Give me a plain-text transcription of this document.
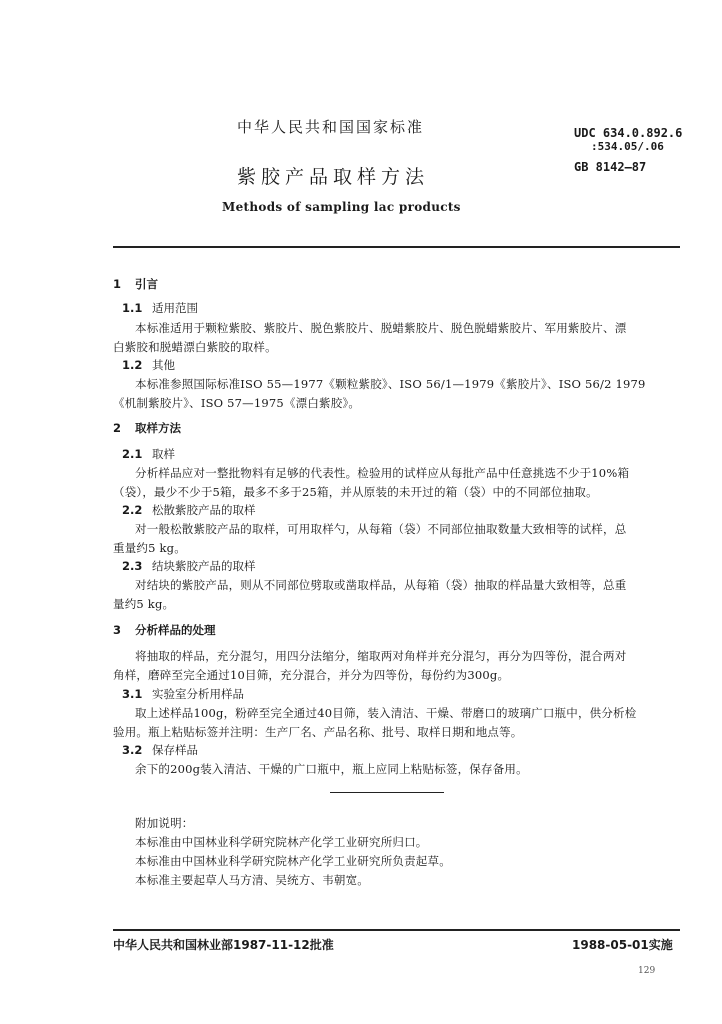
中华人民共和国国家标准
紫胶产品取样方法
Methods of sampling lac products
UDC 634.0.892.6
:534.05/.06
GB 8142—87
1 引言
1.1 适用范围
本标准适用于颗粒紫胶、紫胶片、脱色紫胶片、脱蜡紫胶片、脱色脱蜡紫胶片、军用紫胶片、漂
白紫胶和脱蜡漂白紫胶的取样。
1.2 其他
本标准参照国际标准ISO 55—1977《颗粒紫胶》、ISO 56/1—1979《紫胶片》、ISO 56/2 1979
《机制紫胶片》、ISO 57—1975《漂白紫胶》。
2 取样方法
2.1 取样
分析样品应对一整批物料有足够的代表性。检验用的试样应从每批产品中任意挑选不少于10%箱
（袋），最少不少于5箱，最多不多于25箱，并从原装的未开过的箱（袋）中的不同部位抽取。
2.2 松散紫胶产品的取样
对一般松散紫胶产品的取样，可用取样勺，从每箱（袋）不同部位抽取数量大致相等的试样，总
重量约5 kg。
2.3 结块紫胶产品的取样
对结块的紫胶产品，则从不同部位劈取或凿取样品，从每箱（袋）抽取的样品量大致相等，总重
量约5 kg。
3 分析样品的处理
将抽取的样品，充分混匀，用四分法缩分，缩取两对角样并充分混匀，再分为四等份，混合两对
角样，磨碎至完全通过10目筛，充分混合，并分为四等份，每份约为300g。
3.1 实验室分析用样品
取上述样品100g，粉碎至完全通过40目筛，装入清洁、干燥、带磨口的玻璃广口瓶中，供分析检
验用。瓶上粘贴标签并注明：生产厂名、产品名称、批号、取样日期和地点等。
3.2 保存样品
余下的200g装入清洁、干燥的广口瓶中，瓶上应同上粘贴标签，保存备用。
附加说明：
本标准由中国林业科学研究院林产化学工业研究所归口。
本标准由中国林业科学研究院林产化学工业研究所负责起草。
本标准主要起草人马方清、吴统方、韦朝宽。
中华人民共和国林业部1987-11-12批准	1988-05-01实施
129
